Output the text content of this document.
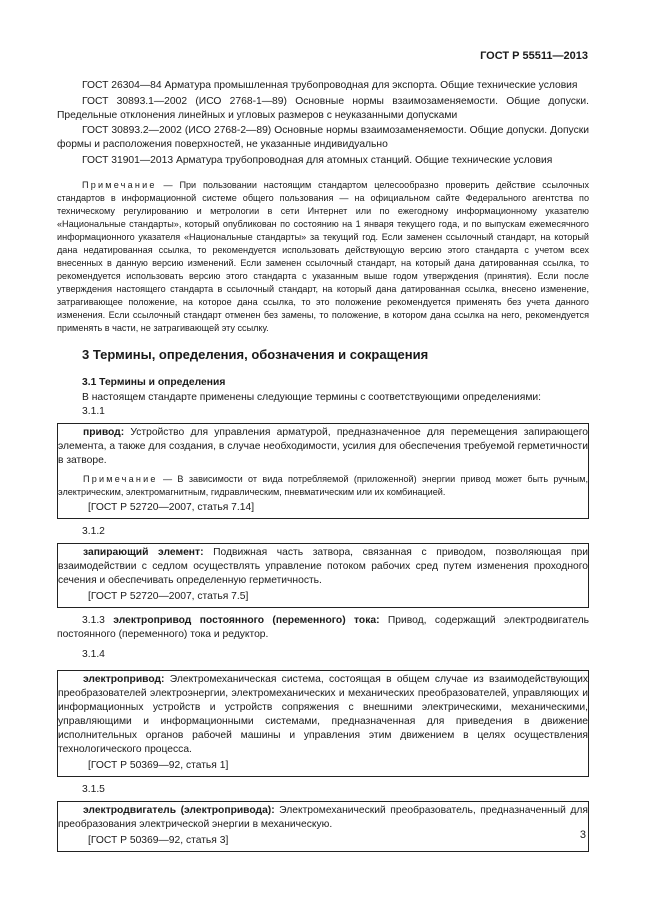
ГОСТ Р 55511—2013

ГОСТ 26304—84 Арматура промышленная трубопроводная для экспорта. Общие технические условия

ГОСТ 30893.1—2002 (ИСО 2768-1—89) Основные нормы взаимозаменяемости. Общие допуски. Предельные отклонения линейных и угловых размеров с неуказанными допусками

ГОСТ 30893.2—2002 (ИСО 2768-2—89) Основные нормы взаимозаменяемости. Общие допуски. Допуски формы и расположения поверхностей, не указанные индивидуально

ГОСТ 31901—2013 Арматура трубопроводная для атомных станций. Общие технические условия

Примечание — При пользовании настоящим стандартом целесообразно проверить действие ссылочных стандартов в информационной системе общего пользования — на официальном сайте Федерального агентства по техническому регулированию и метрологии в сети Интернет или по ежегодному информационному указателю «Национальные стандарты», который опубликован по состоянию на 1 января текущего года, и по выпускам ежемесячного информационного указателя «Национальные стандарты» за текущий год. Если заменен ссылочный стандарт, на который дана недатированная ссылка, то рекомендуется использовать действующую версию этого стандарта с учетом всех внесенных в данную версию изменений. Если заменен ссылочный стандарт, на который дана датированная ссылка, то рекомендуется использовать версию этого стандарта с указанным выше годом утверждения (принятия). Если после утверждения настоящего стандарта в ссылочный стандарт, на который дана датированная ссылка, внесено изменение, затрагивающее положение, на которое дана ссылка, то это положение рекомендуется применять без учета данного изменения. Если ссылочный стандарт отменен без замены, то положение, в котором дана ссылка на него, рекомендуется применять в части, не затрагивающей эту ссылку.

3 Термины, определения, обозначения и сокращения
3.1 Термины и определения

В настоящем стандарте применены следующие термины с соответствующими определениями:

3.1.1

привод: Устройство для управления арматурой, предназначенное для перемещения запирающего элемента, а также для создания, в случае необходимости, усилия для обеспечения требуемой герметичности в затворе.

Примечание — В зависимости от вида потребляемой (приложенной) энергии привод может быть ручным, электрическим, электромагнитным, гидравлическим, пневматическим или их комбинацией.

[ГОСТ Р 52720—2007, статья 7.14]
3.1.2

запирающий элемент: Подвижная часть затвора, связанная с приводом, позволяющая при взаимодействии с седлом осуществлять управление потоком рабочих сред путем изменения проходного сечения и обеспечивать определенную герметичность.

[ГОСТ Р 52720—2007, статья 7.5]

3.1.3 электропривод постоянного (переменного) тока: Привод, содержащий электродвигатель постоянного (переменного) тока и редуктор.

3.1.4

электропривод: Электромеханическая система, состоящая в общем случае из взаимодействующих преобразователей электроэнергии, электромеханических и механических преобразователей, управляющих и информационных устройств и устройств сопряжения с внешними электрическими, механическими, управляющими и информационными системами, предназначенная для приведения в движение исполнительных органов рабочей машины и управления этим движением в целях осуществления технологического процесса.

[ГОСТ Р 50369—92, статья 1]
3.1.5

электродвигатель (электропривода): Электромеханический преобразователь, предназначенный для преобразования электрической энергии в механическую.

[ГОСТ Р 50369—92, статья 3]	3
